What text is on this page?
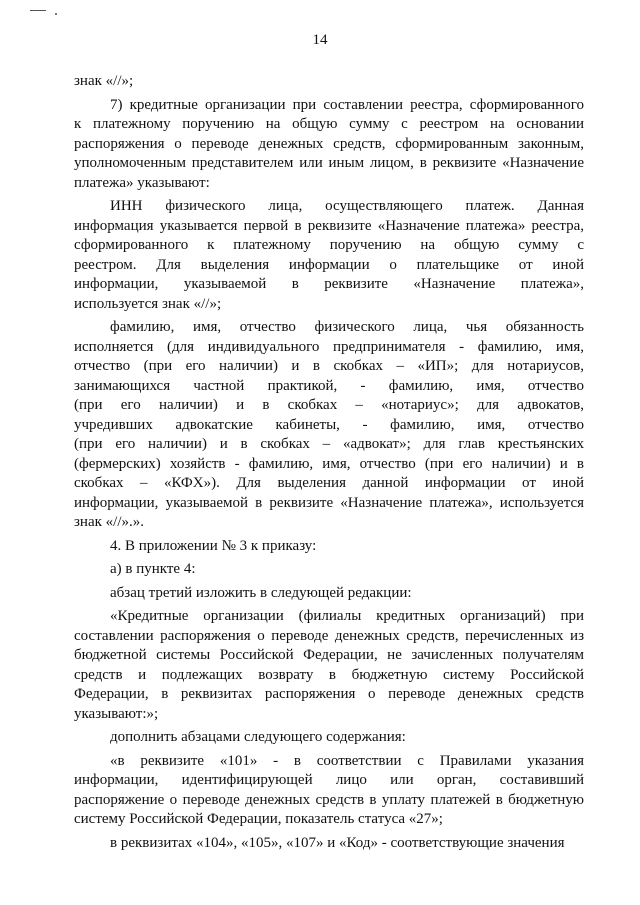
14
знак «//»;
7) кредитные организации при составлении реестра, сформированного
к платежному поручению на общую сумму с реестром на основании
распоряжения о переводе денежных средств, сформированным законным,
уполномоченным представителем или иным лицом, в реквизите «Назначение
платежа» указывают:
ИНН физического лица, осуществляющего платеж. Данная
информация указывается первой в реквизите «Назначение платежа» реестра,
сформированного к платежному поручению на общую сумму с
реестром. Для выделения информации о плательщике от иной
информации, указываемой в реквизите «Назначение платежа»,
используется знак «//»;
фамилию, имя, отчество физического лица, чья обязанность
исполняется (для индивидуального предпринимателя - фамилию, имя,
отчество (при его наличии) и в скобках – «ИП»; для нотариусов,
занимающихся частной практикой, - фамилию, имя, отчество
(при его наличии) и в скобках – «нотариус»; для адвокатов,
учредивших адвокатские кабинеты, - фамилию, имя, отчество
(при его наличии) и в скобках – «адвокат»; для глав крестьянских
(фермерских) хозяйств - фамилию, имя, отчество (при его наличии) и в
скобках – «КФХ»). Для выделения данной информации от иной
информации, указываемой в реквизите «Назначение платежа», используется
знак «//».».
4. В приложении № 3 к приказу:
а) в пункте 4:
абзац третий изложить в следующей редакции:
«Кредитные организации (филиалы кредитных организаций) при
составлении распоряжения о переводе денежных средств, перечисленных из
бюджетной системы Российской Федерации, не зачисленных получателям
средств и подлежащих возврату в бюджетную систему Российской
Федерации, в реквизитах распоряжения о переводе денежных средств
указывают:»;
дополнить абзацами следующего содержания:
«в реквизите «101» - в соответствии с Правилами указания
информации, идентифицирующей лицо или орган, составивший
распоряжение о переводе денежных средств в уплату платежей в бюджетную
систему Российской Федерации, показатель статуса «27»;
в реквизитах «104», «105», «107» и «Код» - соответствующие значения
